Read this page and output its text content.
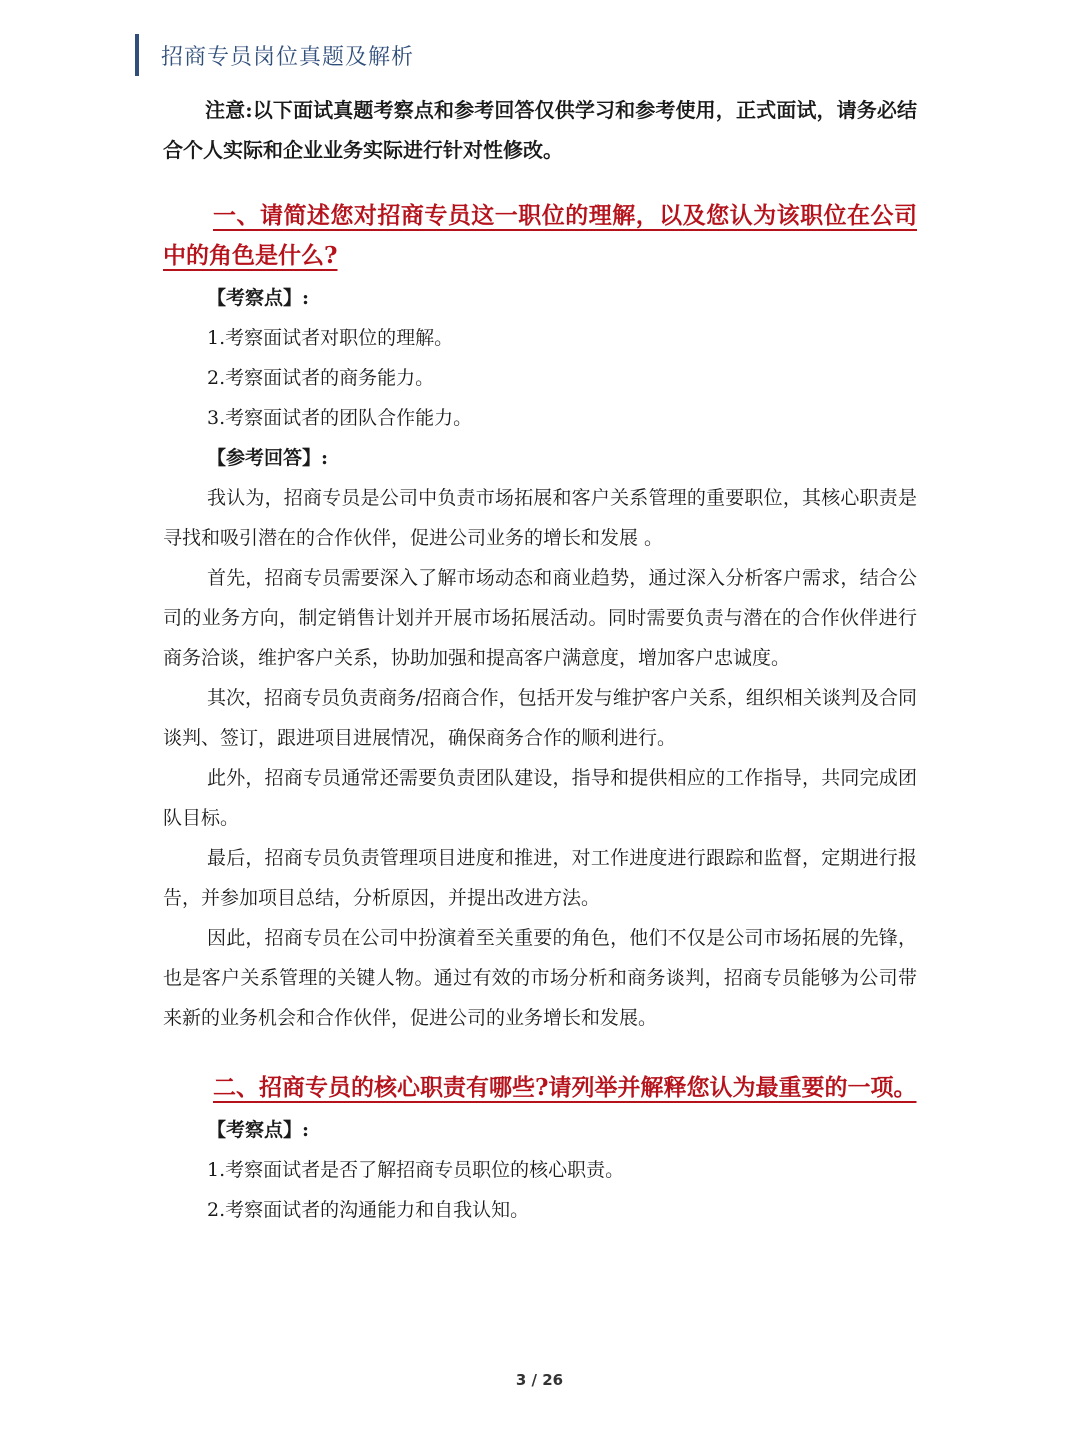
招商专员岗位真题及解析

注意:以下面试真题考察点和参考回答仅供学习和参考使用，正式面试，请务必结合个人实际和企业业务实际进行针对性修改。

一、请简述您对招商专员这一职位的理解，以及您认为该职位在公司中的角色是什么?

【考察点】:

1.考察面试者对职位的理解。

2.考察面试者的商务能力。

3.考察面试者的团队合作能力。

【参考回答】:

我认为，招商专员是公司中负责市场拓展和客户关系管理的重要职位，其核心职责是寻找和吸引潜在的合作伙伴，促进公司业务的增长和发展 。

首先，招商专员需要深入了解市场动态和商业趋势，通过深入分析客户需求，结合公司的业务方向，制定销售计划并开展市场拓展活动。同时需要负责与潜在的合作伙伴进行商务洽谈，维护客户关系，协助加强和提高客户满意度，增加客户忠诚度。

其次，招商专员负责商务/招商合作，包括开发与维护客户关系，组织相关谈判及合同谈判、签订，跟进项目进展情况，确保商务合作的顺利进行。

此外，招商专员通常还需要负责团队建设，指导和提供相应的工作指导，共同完成团队目标。

最后，招商专员负责管理项目进度和推进，对工作进度进行跟踪和监督，定期进行报告，并参加项目总结，分析原因，并提出改进方法。

因此，招商专员在公司中扮演着至关重要的角色，他们不仅是公司市场拓展的先锋，也是客户关系管理的关键人物。通过有效的市场分析和商务谈判，招商专员能够为公司带来新的业务机会和合作伙伴，促进公司的业务增长和发展。

二、招商专员的核心职责有哪些?请列举并解释您认为最重要的一项。

【考察点】:

1.考察面试者是否了解招商专员职位的核心职责。

2.考察面试者的沟通能力和自我认知。

3 / 26
